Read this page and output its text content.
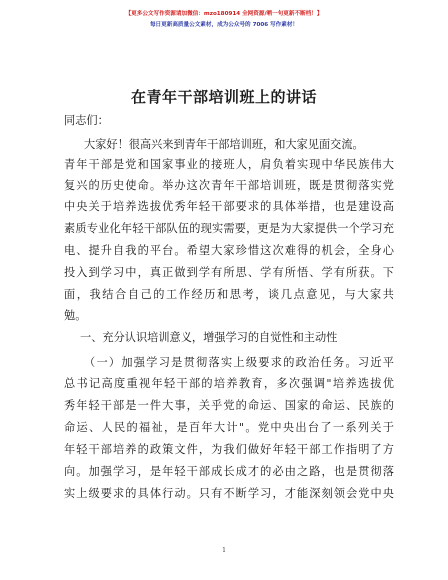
【更多公文写作资源请加微信：mzo180914 全网资源/晒一句更新不断档！】
每日更新高质量公文素材，成为公众号的 7006 写作素材！
在青年干部培训班上的讲话
同志们：
大家好！很高兴来到青年干部培训班，和大家见面交流。
青年干部是党和国家事业的接班人，肩负着实现中华民族伟大
复兴的历史使命。举办这次青年干部培训班，既是贯彻落实党
中央关于培养选拔优秀年轻干部要求的具体举措，也是建设高
素质专业化年轻干部队伍的现实需要，更是为大家提供一个学习充
电、提升自我的平台。希望大家珍惜这次难得的机会，全身心
投入到学习中，真正做到学有所思、学有所悟、学有所获。下
面，我结合自己的工作经历和思考，谈几点意见，与大家共
勉。
一、充分认识培训意义，增强学习的自觉性和主动性
（一）加强学习是贯彻落实上级要求的政治任务。习近平
总书记高度重视年轻干部的培养教育，多次强调"培养选拔优
秀年轻干部是一件大事，关乎党的命运、国家的命运、民族的
命运、人民的福祉，是百年大计"。党中央出台了一系列关于
年轻干部培养的政策文件，为我们做好年轻干部工作指明了方
向。加强学习，是年轻干部成长成才的必由之路，也是贯彻落
实上级要求的具体行动。只有不断学习，才能深刻领会党中央
1
